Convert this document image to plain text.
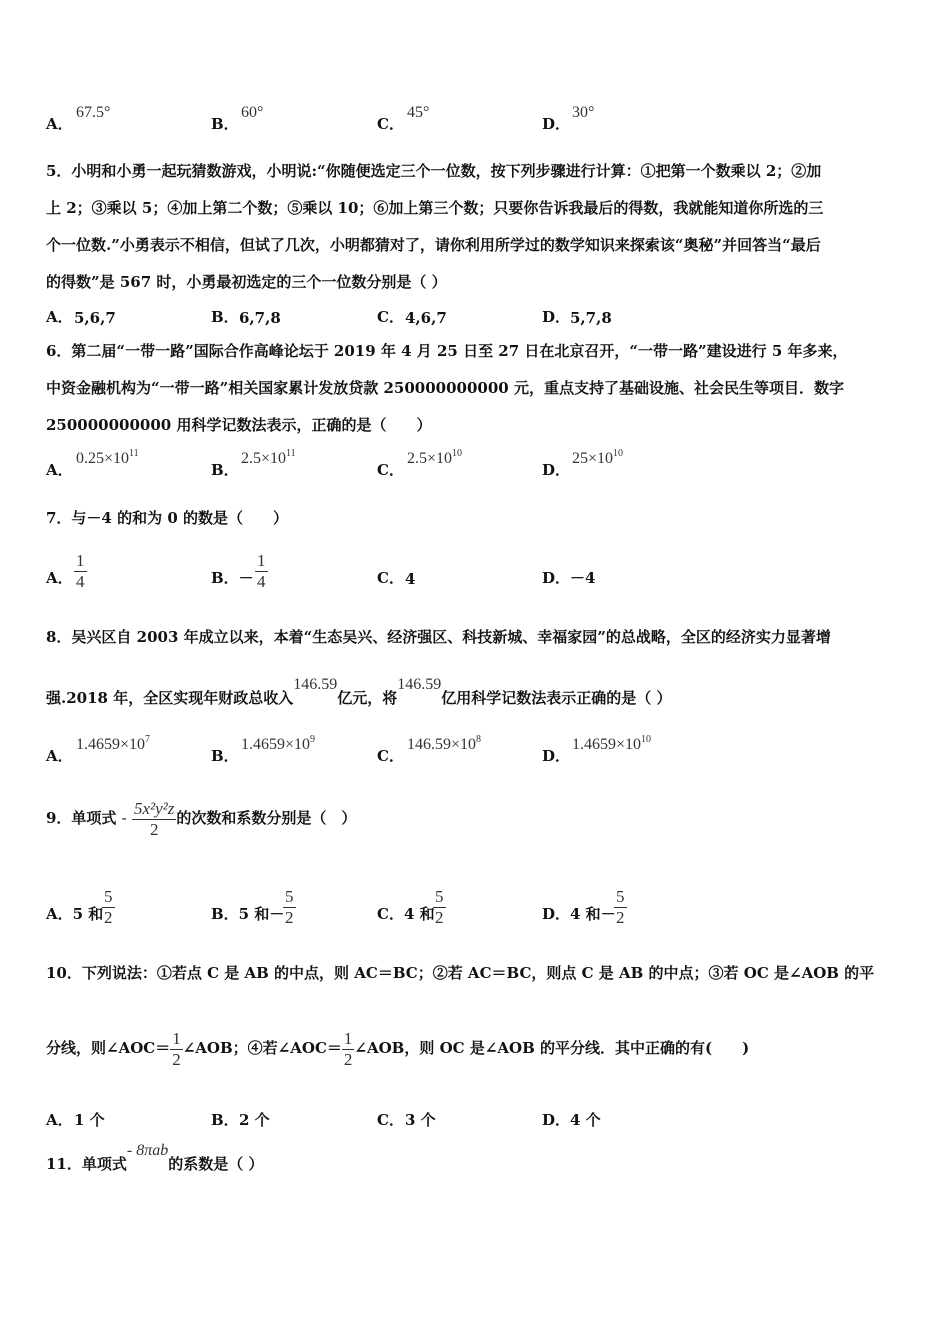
A．
67.5°
B．
60°
C．
45°
D．
30°
5．小明和小勇一起玩猜数游戏，小明说:“你随便选定三个一位数，按下列步骤进行计算：①把第一个数乘以 2；②加
上 2；③乘以 5；④加上第二个数；⑤乘以 10；⑥加上第三个数；只要你告诉我最后的得数，我就能知道你所选的三
个一位数.”小勇表示不相信，但试了几次，小明都猜对了，请你利用所学过的数学知识来探索该“奥秘”并回答当“最后
的得数”是 567 时，小勇最初选定的三个一位数分别是（ ）
A． 5,6,7	B． 6,7,8	C． 4,6,7	D． 5,7,8
6．第二届“一带一路”国际合作高峰论坛于 2019 年 4 月 25 日至 27 日在北京召开，“一带一路”建设进行 5 年多来，
中资金融机构为“一带一路”相关国家累计发放贷款 250000000000 元，重点支持了基础设施、社会民生等项目．数字
250000000000 用科学记数法表示，正确的是（　　）
A．
$0.25\times 10^{11}$
B．
$2.5\times 10^{11}$
C．
$2.5\times 10^{10}$
D．
$25\times 10^{10}$
7．与－4 的和为 0 的数是（　　）
A． $\frac{1}{4}$	B．－ $\frac{1}{4}$	C． 4	D． －4
8．吴兴区自 2003 年成立以来，本着“生态吴兴、经济强区、科技新城、幸福家园”的总战略，全区的经济实力显著增
强.2018 年，全区实现年财政总收入146.59亿元，将146.59亿用科学记数法表示正确的是（ ）
A．
$1.4659\times 10^7$
B．
$1.4659\times 10^9$
C．
$146.59\times 10^8$
D．
$1.4659\times 10^{10}$
9．单项式 - $\frac{\text{5x²y²z}}{2}$ 的次数和系数分别是（　）
A．5 和
$\frac{5}{2}$	B．5 和－
$\frac{5}{2}$	C．4 和
$\frac{5}{2}$	D．4 和－
$\frac{5}{2}$
10．下列说法：①若点 C 是 AB 的中点，则 AC＝BC；②若 AC＝BC，则点 C 是 AB 的中点；③若 OC 是∠AOB 的平
分线，则∠AOC＝ $\frac{1}{2}$ ∠AOB；④若∠AOC＝ $\frac{1}{2}$ ∠AOB，则 OC 是∠AOB 的平分线．其中正确的有(　　)
A． 1 个	B． 2 个	C． 3 个	D． 4 个
11．单项式- 8πab的系数是（ ）
